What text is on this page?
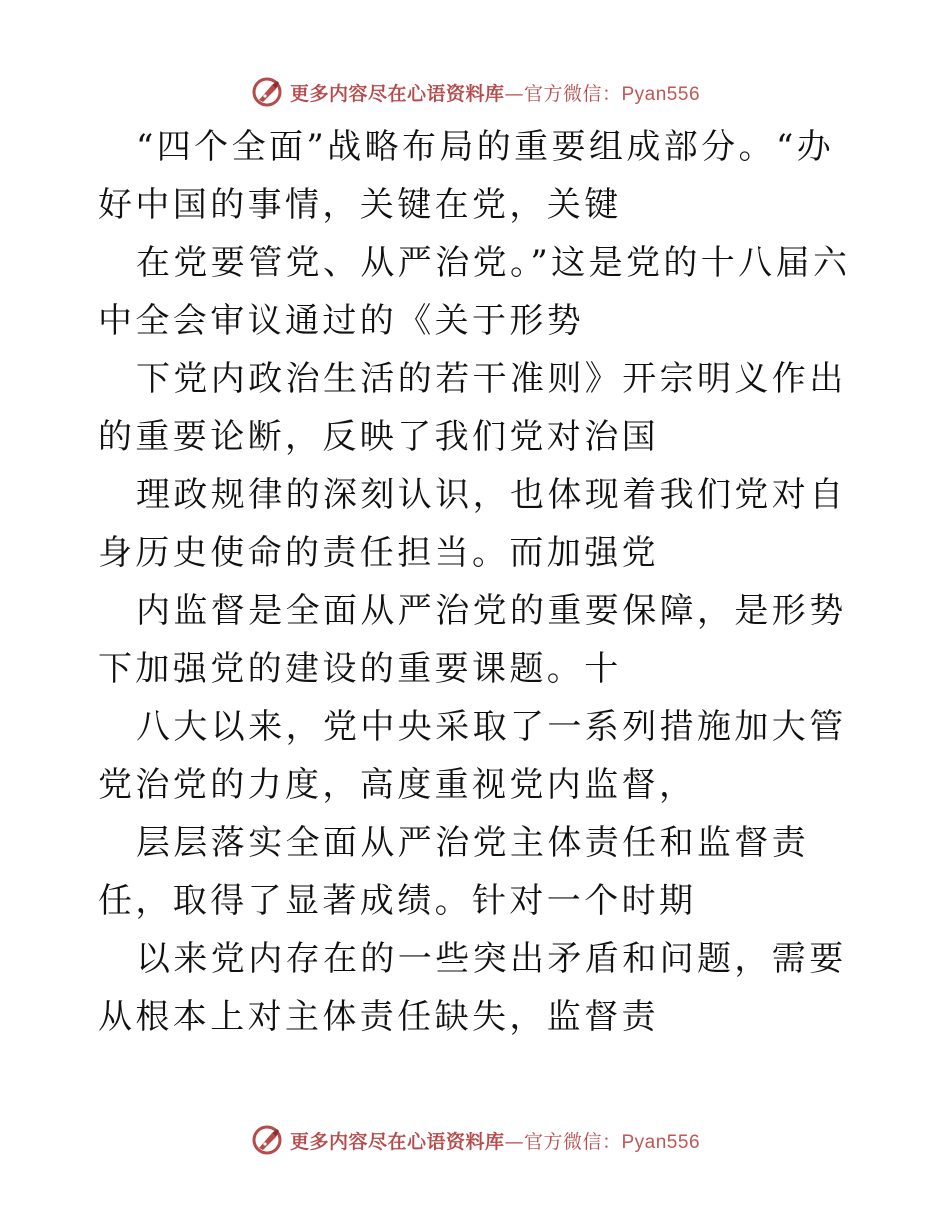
更多内容尽在心语资料库—官方微信：Pyan556

“四个全面”战略布局的重要组成部分。“办好中国的事情，关键在党，关键

在党要管党、从严治党。”这是党的十八届六中全会审议通过的《关于形势

下党内政治生活的若干准则》开宗明义作出的重要论断，反映了我们党对治国

理政规律的深刻认识，也体现着我们党对自身历史使命的责任担当。而加强党

内监督是全面从严治党的重要保障，是形势下加强党的建设的重要课题。十

八大以来，党中央采取了一系列措施加大管党治党的力度，高度重视党内监督，

层层落实全面从严治党主体责任和监督责任，取得了显著成绩。针对一个时期

以来党内存在的一些突出矛盾和问题，需要从根本上对主体责任缺失，监督责

更多内容尽在心语资料库—官方微信：Pyan556
